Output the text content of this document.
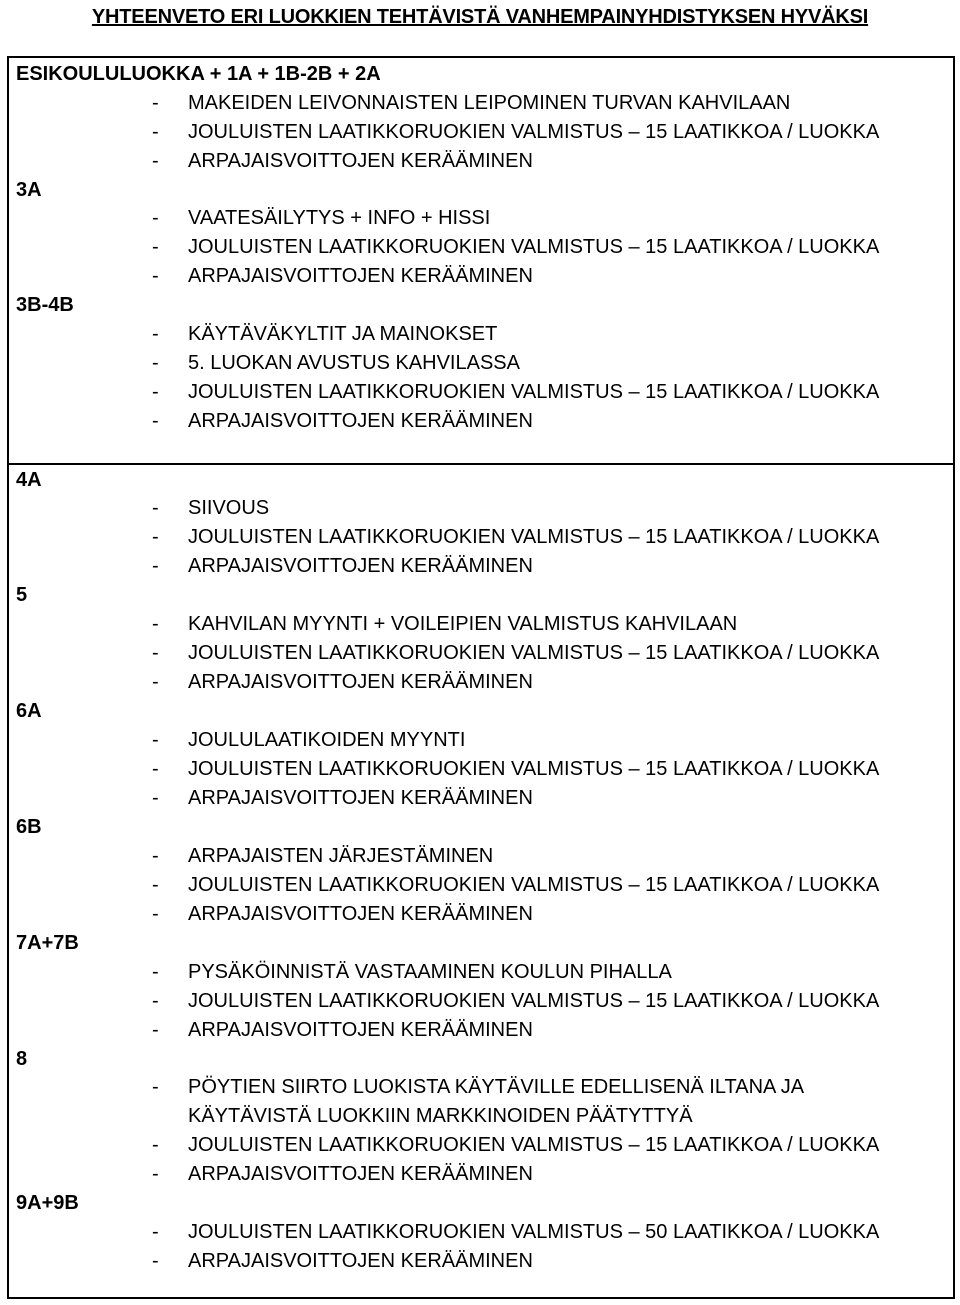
YHTEENVETO ERI LUOKKIEN TEHTÄVISTÄ VANHEMPAINYHDISTYKSEN HYVÄKSI
ESIKOULULUOKKA + 1A + 1B-2B + 2A
- MAKEIDEN LEIVONNAISTEN LEIPOMINEN TURVAN KAHVILAAN
- JOULUISTEN LAATIKKORUOKIEN VALMISTUS – 15 LAATIKKOA / LUOKKA
- ARPAJAISVOITTOJEN KERÄÄMINEN
3A
- VAATESÄILYTYS + INFO + HISSI
- JOULUISTEN LAATIKKORUOKIEN VALMISTUS – 15 LAATIKKOA / LUOKKA
- ARPAJAISVOITTOJEN KERÄÄMINEN
3B-4B
- KÄYTÄVÄKYLTIT JA MAINOKSET
- 5. LUOKAN AVUSTUS KAHVILASSA
- JOULUISTEN LAATIKKORUOKIEN VALMISTUS – 15 LAATIKKOA / LUOKKA
- ARPAJAISVOITTOJEN KERÄÄMINEN
4A
- SIIVOUS
- JOULUISTEN LAATIKKORUOKIEN VALMISTUS – 15 LAATIKKOA / LUOKKA
- ARPAJAISVOITTOJEN KERÄÄMINEN
5
- KAHVILAN MYYNTI + VOILEIPIEN VALMISTUS KAHVILAAN
- JOULUISTEN LAATIKKORUOKIEN VALMISTUS – 15 LAATIKKOA / LUOKKA
- ARPAJAISVOITTOJEN KERÄÄMINEN
6A
- JOULULAATIKOIDEN MYYNTI
- JOULUISTEN LAATIKKORUOKIEN VALMISTUS – 15 LAATIKKOA / LUOKKA
- ARPAJAISVOITTOJEN KERÄÄMINEN
6B
- ARPAJAISTEN JÄRJESTÄMINEN
- JOULUISTEN LAATIKKORUOKIEN VALMISTUS – 15 LAATIKKOA / LUOKKA
- ARPAJAISVOITTOJEN KERÄÄMINEN
7A+7B
- PYSÄKÖINNISTÄ VASTAAMINEN KOULUN PIHALLA
- JOULUISTEN LAATIKKORUOKIEN VALMISTUS – 15 LAATIKKOA / LUOKKA
- ARPAJAISVOITTOJEN KERÄÄMINEN
8
- PÖYTIEN SIIRTO LUOKISTA KÄYTÄVILLE EDELLISENÄ ILTANA JA
KÄYTÄVISTÄ LUOKKIIN MARKKINOIDEN PÄÄTYTTYÄ
- JOULUISTEN LAATIKKORUOKIEN VALMISTUS – 15 LAATIKKOA / LUOKKA
- ARPAJAISVOITTOJEN KERÄÄMINEN
9A+9B
- JOULUISTEN LAATIKKORUOKIEN VALMISTUS – 50 LAATIKKOA / LUOKKA
- ARPAJAISVOITTOJEN KERÄÄMINEN
